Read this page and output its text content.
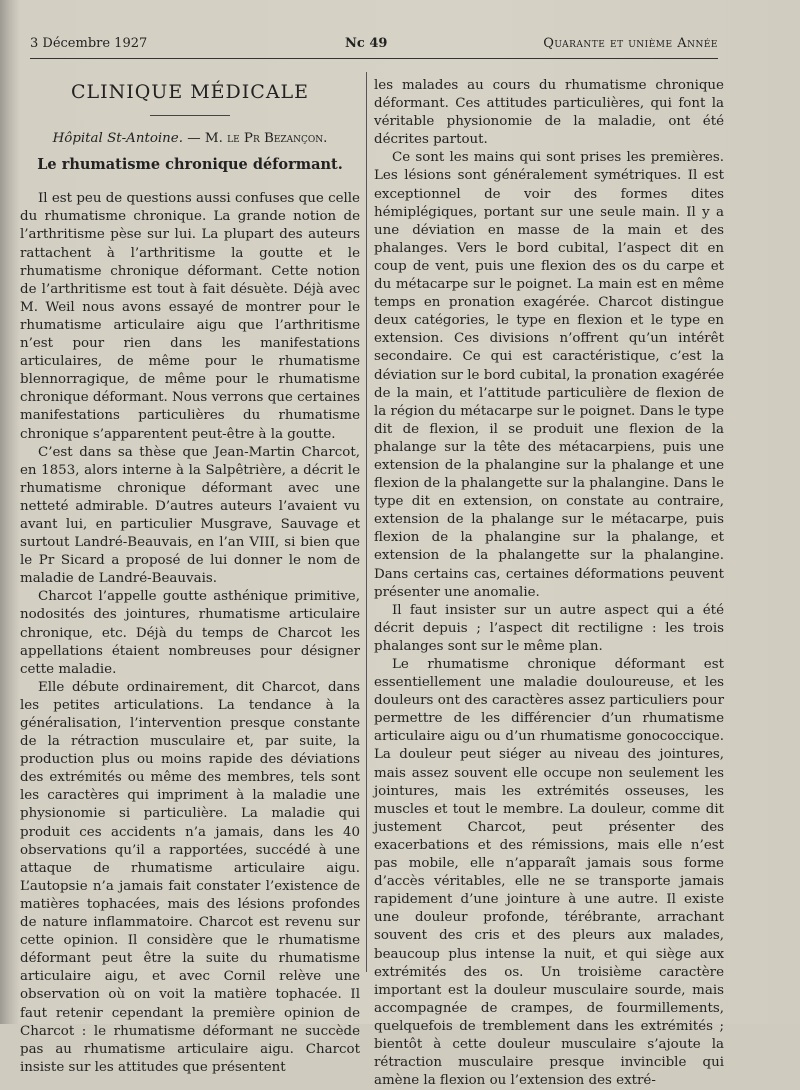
3 Décembre 1927	Nc 49	Quarante et unième Année
CLINIQUE MÉDICALE
Hôpital St-Antoine. — M. le Pr Bezançon.
Le rhumatisme chronique déformant.

Il est peu de questions aussi confuses que celle du rhumatisme chronique. La grande notion de l’arthritisme pèse sur lui. La plupart des auteurs rattachent à l’arthritisme la goutte et le rhumatisme chronique déformant. Cette notion de l’arthritisme est tout à fait désuète. Déjà avec M. Weil nous avons essayé de montrer pour le rhumatisme articulaire aigu que l’arthritisme n’est pour rien dans les manifestations articulaires, de même pour le rhumatisme blennorragique, de même pour le rhumatisme chronique déformant. Nous verrons que certaines manifestations particulières du rhumatisme chronique s’apparentent peut-être à la goutte.

C’est dans sa thèse que Jean-Martin Charcot, en 1853, alors interne à la Salpêtrière, a décrit le rhumatisme chronique déformant avec une netteté admirable. D’autres auteurs l’avaient vu avant lui, en particulier Musgrave, Sauvage et surtout Landré-Beauvais, en l’an VIII, si bien que le Pr Sicard a proposé de lui donner le nom de maladie de Landré-Beauvais.

Charcot l’appelle goutte asthénique primitive, nodosités des jointures, rhumatisme articulaire chronique, etc. Déjà du temps de Charcot les appellations étaient nombreuses pour désigner cette maladie.

Elle débute ordinairement, dit Charcot, dans les petites articulations. La tendance à la généralisation, l’intervention presque constante de la rétraction musculaire et, par suite, la production plus ou moins rapide des déviations des extrémités ou même des membres, tels sont les caractères qui impriment à la maladie une physionomie si particulière. La maladie qui produit ces accidents n’a jamais, dans les 40 observations qu’il a rapportées, succédé à une attaque de rhumatisme articulaire aigu. L’autopsie n’a jamais fait constater l’existence de matières tophacées, mais des lésions profondes de nature inflammatoire. Charcot est revenu sur cette opinion. Il considère que le rhumatisme déformant peut être la suite du rhumatisme articulaire aigu, et avec Cornil relève une observation où on voit la matière tophacée. Il faut retenir cependant la première opinion de Charcot : le rhumatisme déformant ne succède pas au rhumatisme articulaire aigu. Charcot insiste sur les attitudes que présentent

les malades au cours du rhumatisme chronique déformant. Ces attitudes particulières, qui font la véritable physionomie de la maladie, ont été décrites partout.

Ce sont les mains qui sont prises les premières. Les lésions sont généralement symétriques. Il est exceptionnel de voir des formes dites hémiplégiques, portant sur une seule main. Il y a une déviation en masse de la main et des phalanges. Vers le bord cubital, l’aspect dit en coup de vent, puis une flexion des os du carpe et du métacarpe sur le poignet. La main est en même temps en pronation exagérée. Charcot distingue deux catégories, le type en flexion et le type en extension. Ces divisions n’offrent qu’un intérêt secondaire. Ce qui est caractéristique, c’est la déviation sur le bord cubital, la pronation exagérée de la main, et l’attitude particulière de flexion de la région du métacarpe sur le poignet. Dans le type dit de flexion, il se produit une flexion de la phalange sur la tête des métacarpiens, puis une extension de la phalangine sur la phalange et une flexion de la phalangette sur la phalangine. Dans le type dit en extension, on constate au contraire, extension de la phalange sur le métacarpe, puis flexion de la phalangine sur la phalange, et extension de la phalangette sur la phalangine. Dans certains cas, certaines déformations peuvent présenter une anomalie.

Il faut insister sur un autre aspect qui a été décrit depuis ; l’aspect dit rectiligne : les trois phalanges sont sur le même plan.

Le rhumatisme chronique déformant est essentiellement une maladie douloureuse, et les douleurs ont des caractères assez particuliers pour permettre de les différencier d’un rhumatisme articulaire aigu ou d’un rhumatisme gonococcique. La douleur peut siéger au niveau des jointures, mais assez souvent elle occupe non seulement les jointures, mais les extrémités osseuses, les muscles et tout le membre. La douleur, comme dit justement Charcot, peut présenter des exacerbations et des rémissions, mais elle n’est pas mobile, elle n’apparaît jamais sous forme d’accès véritables, elle ne se transporte jamais rapidement d’une jointure à une autre. Il existe une douleur profonde, térébrante, arrachant souvent des cris et des pleurs aux malades, beaucoup plus intense la nuit, et qui siège aux extrémités des os. Un troisième caractère important est la douleur musculaire sourde, mais accompagnée de crampes, de fourmillements, quelquefois de tremblement dans les extrémités ; bientôt à cette douleur musculaire s’ajoute la rétraction musculaire presque invincible qui amène la flexion ou l’extension des extré-
